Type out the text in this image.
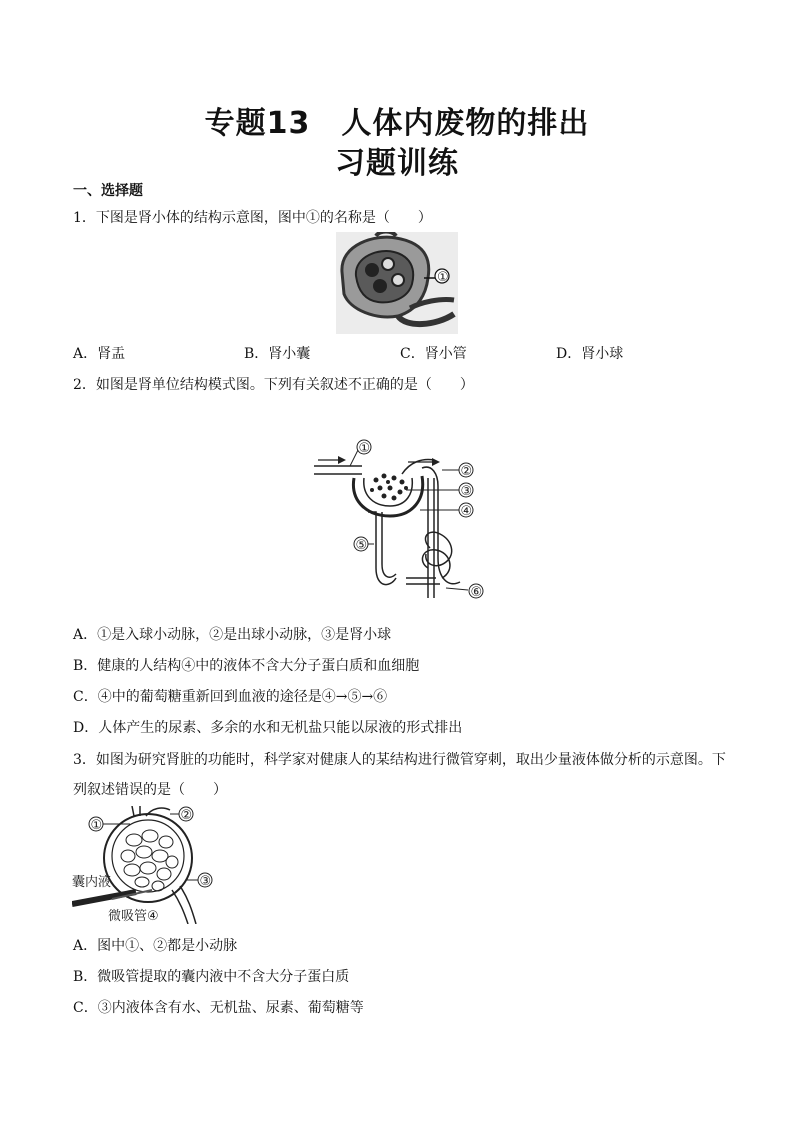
专题13　人体内废物的排出
习题训练
一、选择题
1．下图是肾小体的结构示意图，图中①的名称是（　　）
①
A．肾盂	B．肾小囊	C．肾小管	D．肾小球
2．如图是肾单位结构模式图。下列有关叙述不正确的是（　　）
①
②
③
④
⑤
⑥
A．①是入球小动脉，②是出球小动脉，③是肾小球
B．健康的人结构④中的液体不含大分子蛋白质和血细胞
C．④中的葡萄糖重新回到血液的途径是④→⑤→⑥
D．人体产生的尿素、多余的水和无机盐只能以尿液的形式排出
3．如图为研究肾脏的功能时，科学家对健康人的某结构进行微管穿刺，取出少量液体做分析的示意图。下
列叙述错误的是（　　）
①
②
③
囊内液
微吸管④
A．图中①、②都是小动脉
B．微吸管提取的囊内液中不含大分子蛋白质
C．③内液体含有水、无机盐、尿素、葡萄糖等
